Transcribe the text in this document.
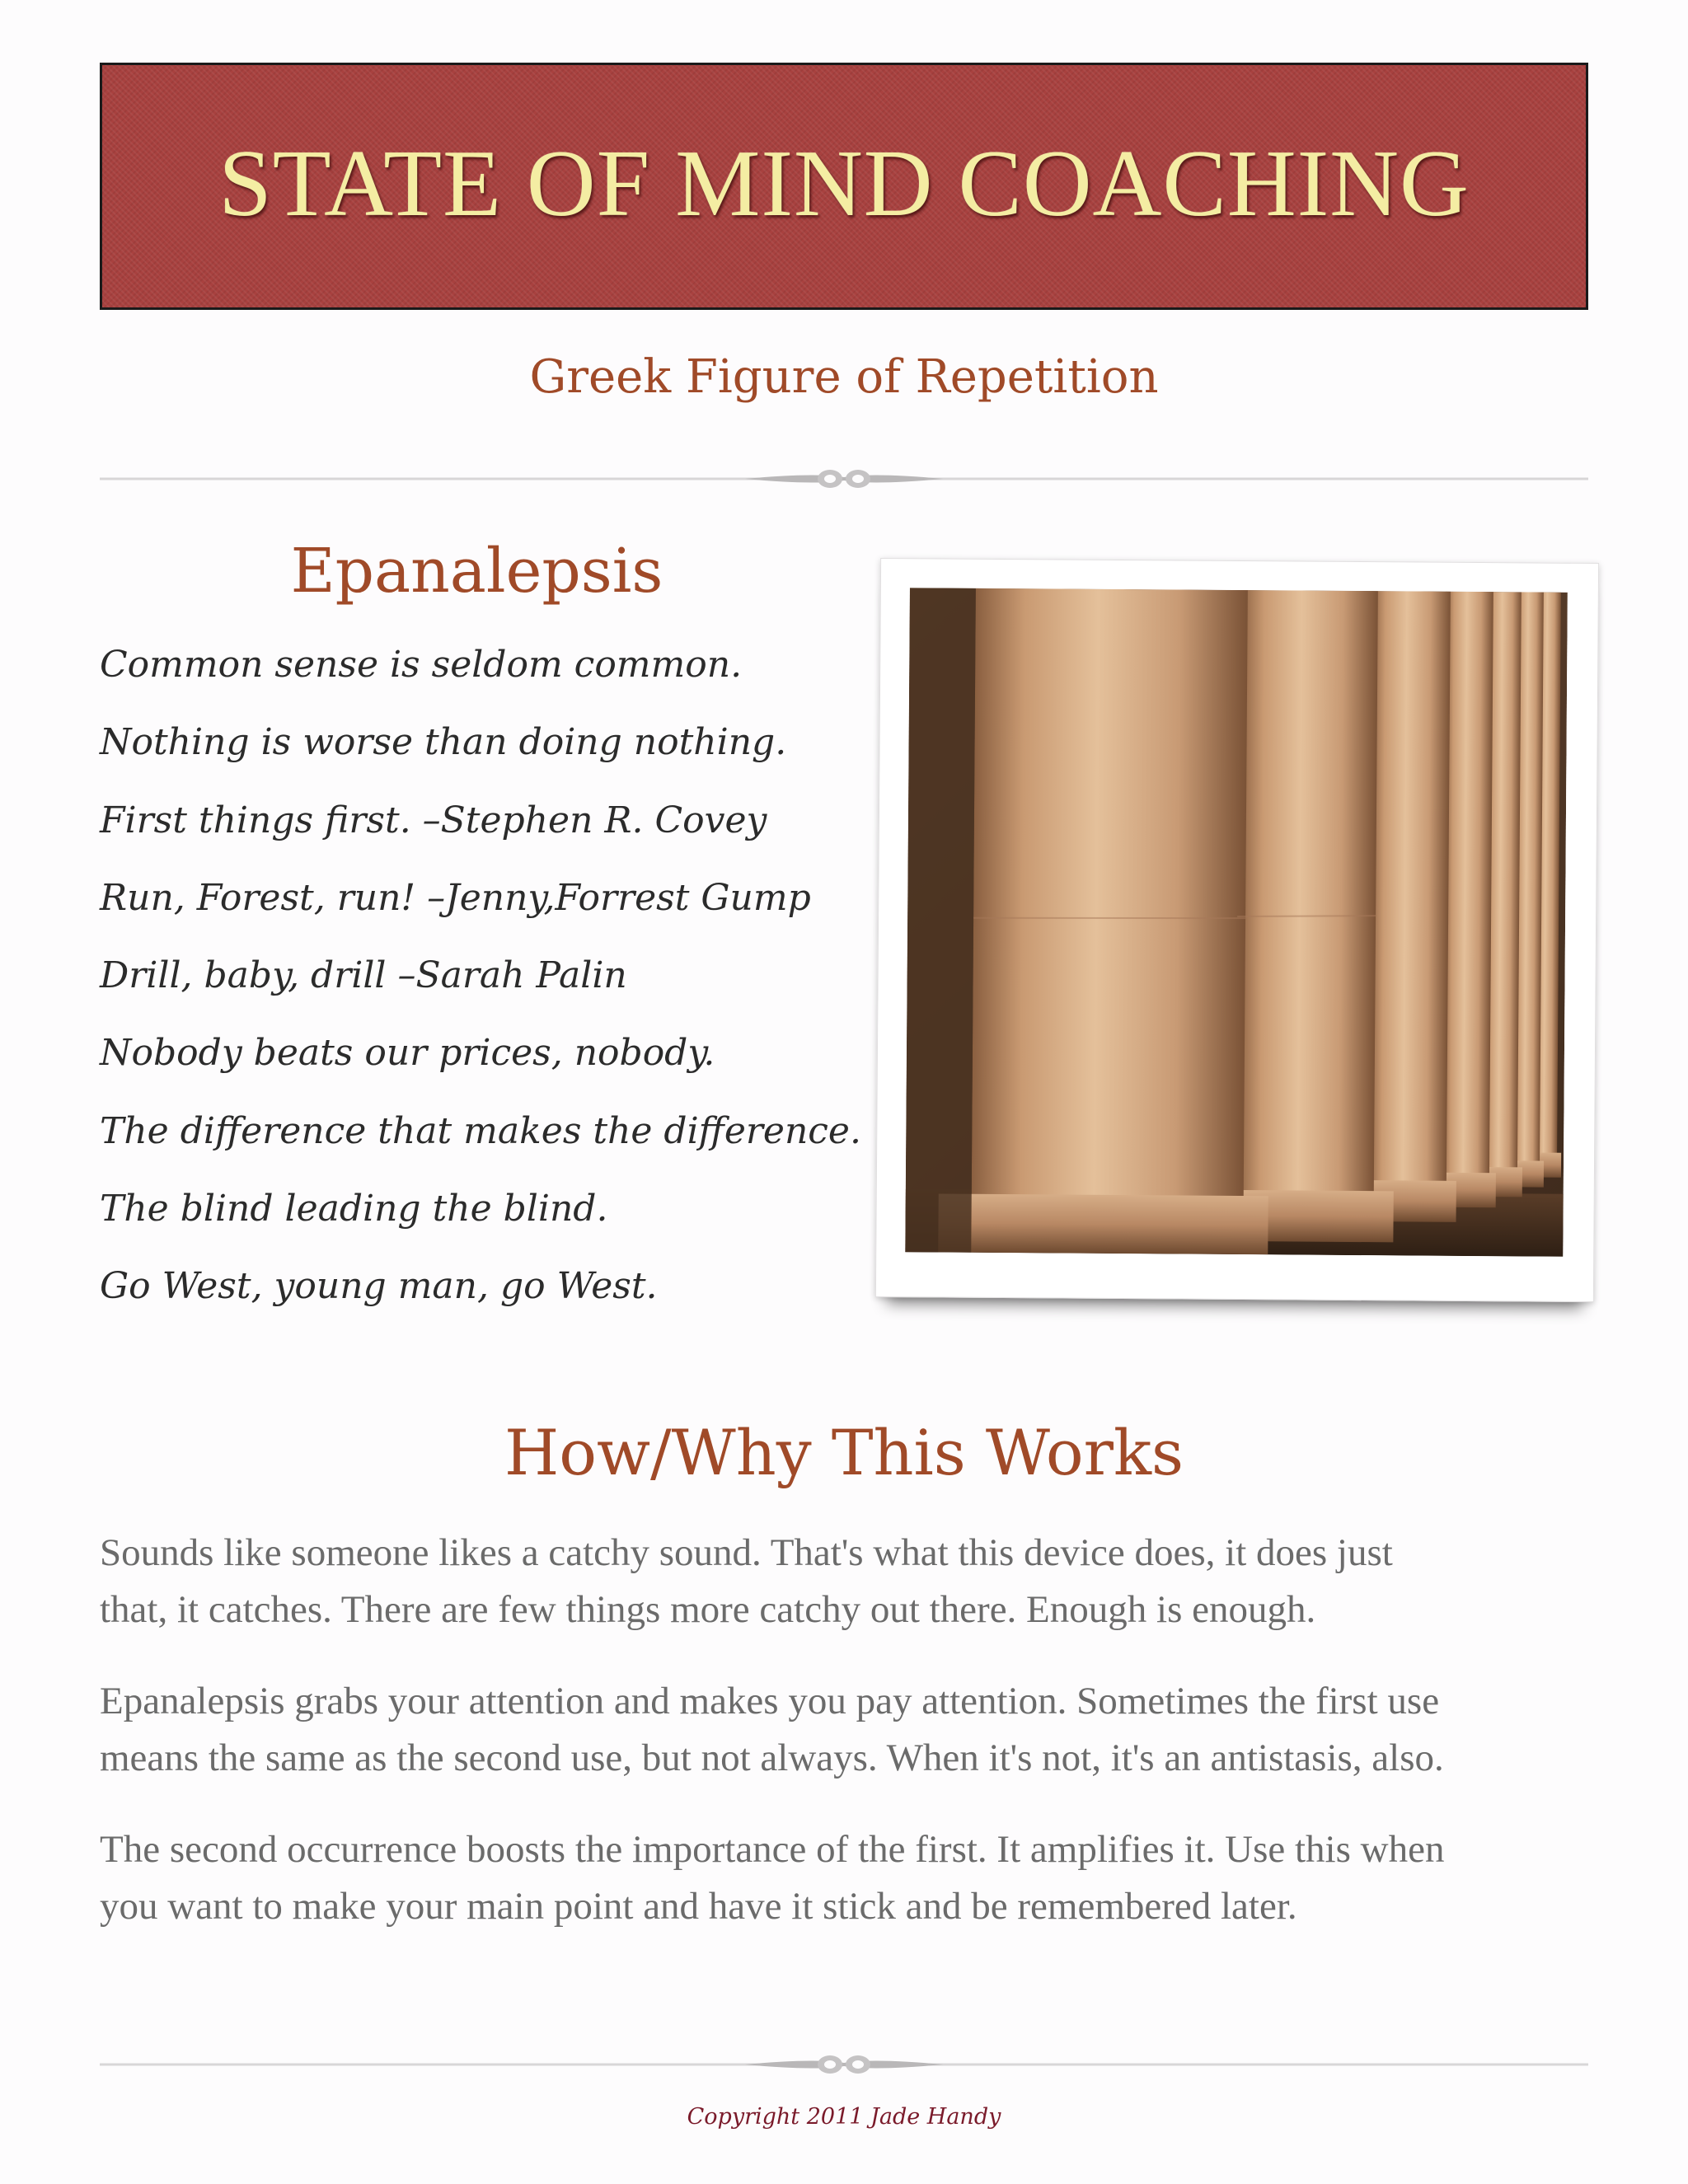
STATE OF MIND COACHING
Greek Figure of Repetition
Epanalepsis
Common sense is seldom common.
Nothing is worse than doing nothing.
First things first. –Stephen R. Covey
Run, Forest, run! –Jenny,Forrest Gump
Drill, baby, drill –Sarah Palin
Nobody beats our prices, nobody.
The difference that makes the difference.
The blind leading the blind.
Go West, young man, go West.
How/Why This Works

Sounds like someone likes a catchy sound. That's what this device does, it does just
that, it catches. There are few things more catchy out there. Enough is enough.

Epanalepsis grabs your attention and makes you pay attention. Sometimes the first use
means the same as the second use, but not always. When it's not, it's an antistasis, also.

The second occurrence boosts the importance of the first. It amplifies it. Use this when
you want to make your main point and have it stick and be remembered later.

Copyright 2011 Jade Handy
